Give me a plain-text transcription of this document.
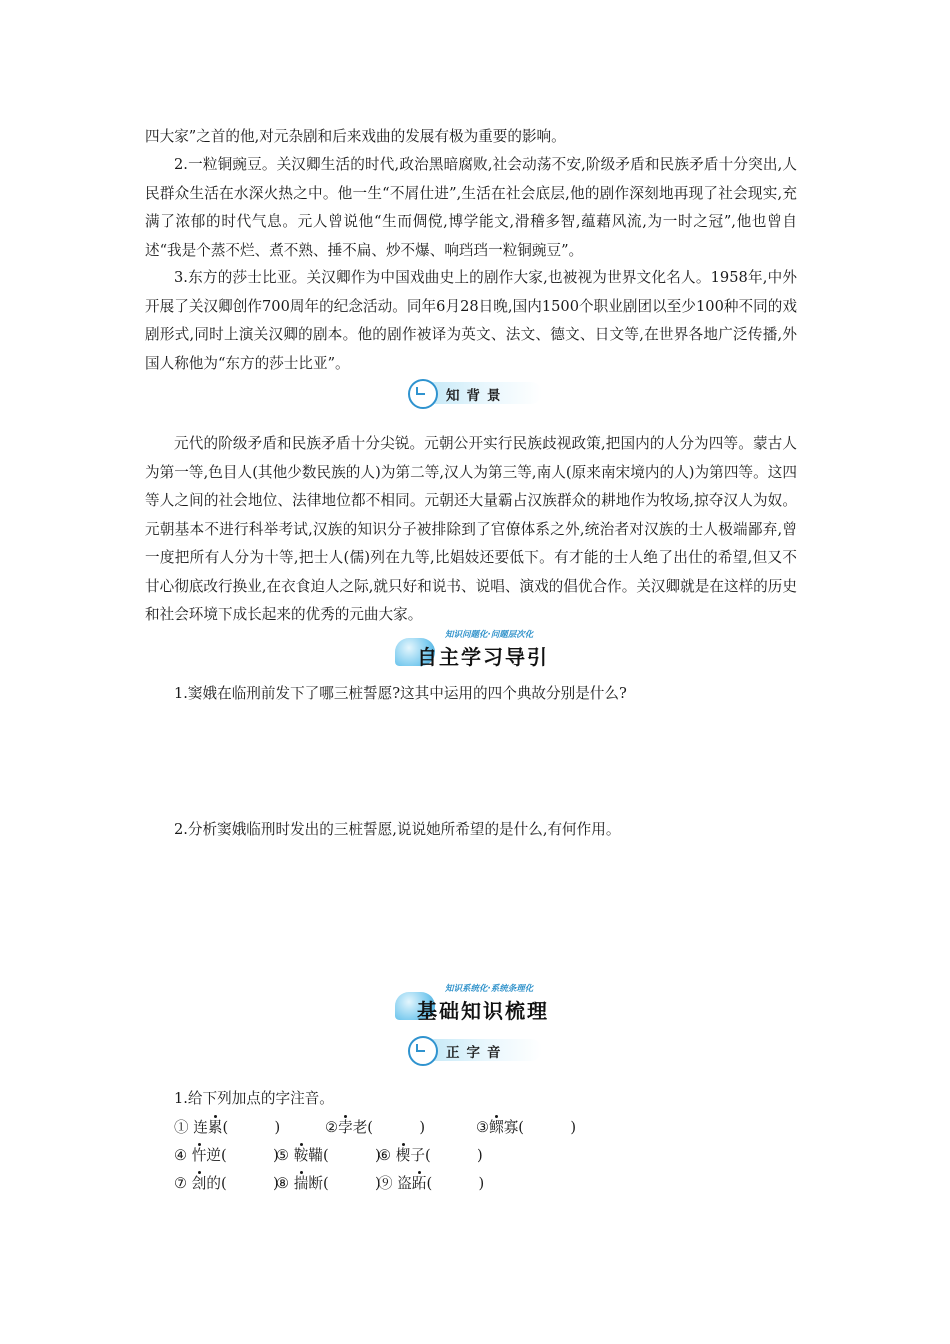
四大家”之首的他,对元杂剧和后来戏曲的发展有极为重要的影响。

2.一粒铜豌豆。关汉卿生活的时代,政治黑暗腐败,社会动荡不安,阶级矛盾和民族矛盾十分突出,人民群众生活在水深火热之中。他一生“不屑仕进”,生活在社会底层,他的剧作深刻地再现了社会现实,充满了浓郁的时代气息。元人曾说他“生而倜傥,博学能文,滑稽多智,蕴藉风流,为一时之冠”,他也曾自述“我是个蒸不烂、煮不熟、捶不扁、炒不爆、响珰珰一粒铜豌豆”。

3.东方的莎士比亚。关汉卿作为中国戏曲史上的剧作大家,也被视为世界文化名人。1958年,中外开展了关汉卿创作700周年的纪念活动。同年6月28日晚,国内1500个职业剧团以至少100种不同的戏剧形式,同时上演关汉卿的剧本。他的剧作被译为英文、法文、德文、日文等,在世界各地广泛传播,外国人称他为“东方的莎士比亚”。

知背景

元代的阶级矛盾和民族矛盾十分尖锐。元朝公开实行民族歧视政策,把国内的人分为四等。蒙古人为第一等,色目人(其他少数民族的人)为第二等,汉人为第三等,南人(原来南宋境内的人)为第四等。这四等人之间的社会地位、法律地位都不相同。元朝还大量霸占汉族群众的耕地作为牧场,掠夺汉人为奴。元朝基本不进行科举考试,汉族的知识分子被排除到了官僚体系之外,统治者对汉族的士人极端鄙弃,曾一度把所有人分为十等,把士人(儒)列在九等,比娼妓还要低下。有才能的士人绝了出仕的希望,但又不甘心彻底改行换业,在衣食迫人之际,就只好和说书、说唱、演戏的倡优合作。关汉卿就是在这样的历史和社会环境下成长起来的优秀的元曲大家。

知识问题化·问题层次化
自主学习导引

1.窦娥在临刑前发下了哪三桩誓愿?这其中运用的四个典故分别是什么?

2.分析窦娥临刑时发出的三桩誓愿,说说她所希望的是什么,有何作用。

知识系统化·系统条理化
基础知识梳理
正字音

1.给下列加点的字注音。

① 连累(          )	②孛老(          )	③鳏寡(          )
④ 忤逆(          )
⑤ 鞍鞴(          )
⑥ 楔子(          )
⑦ 刽的(          )
⑧ 揣断(          )
⑨ 盗跖(          )
